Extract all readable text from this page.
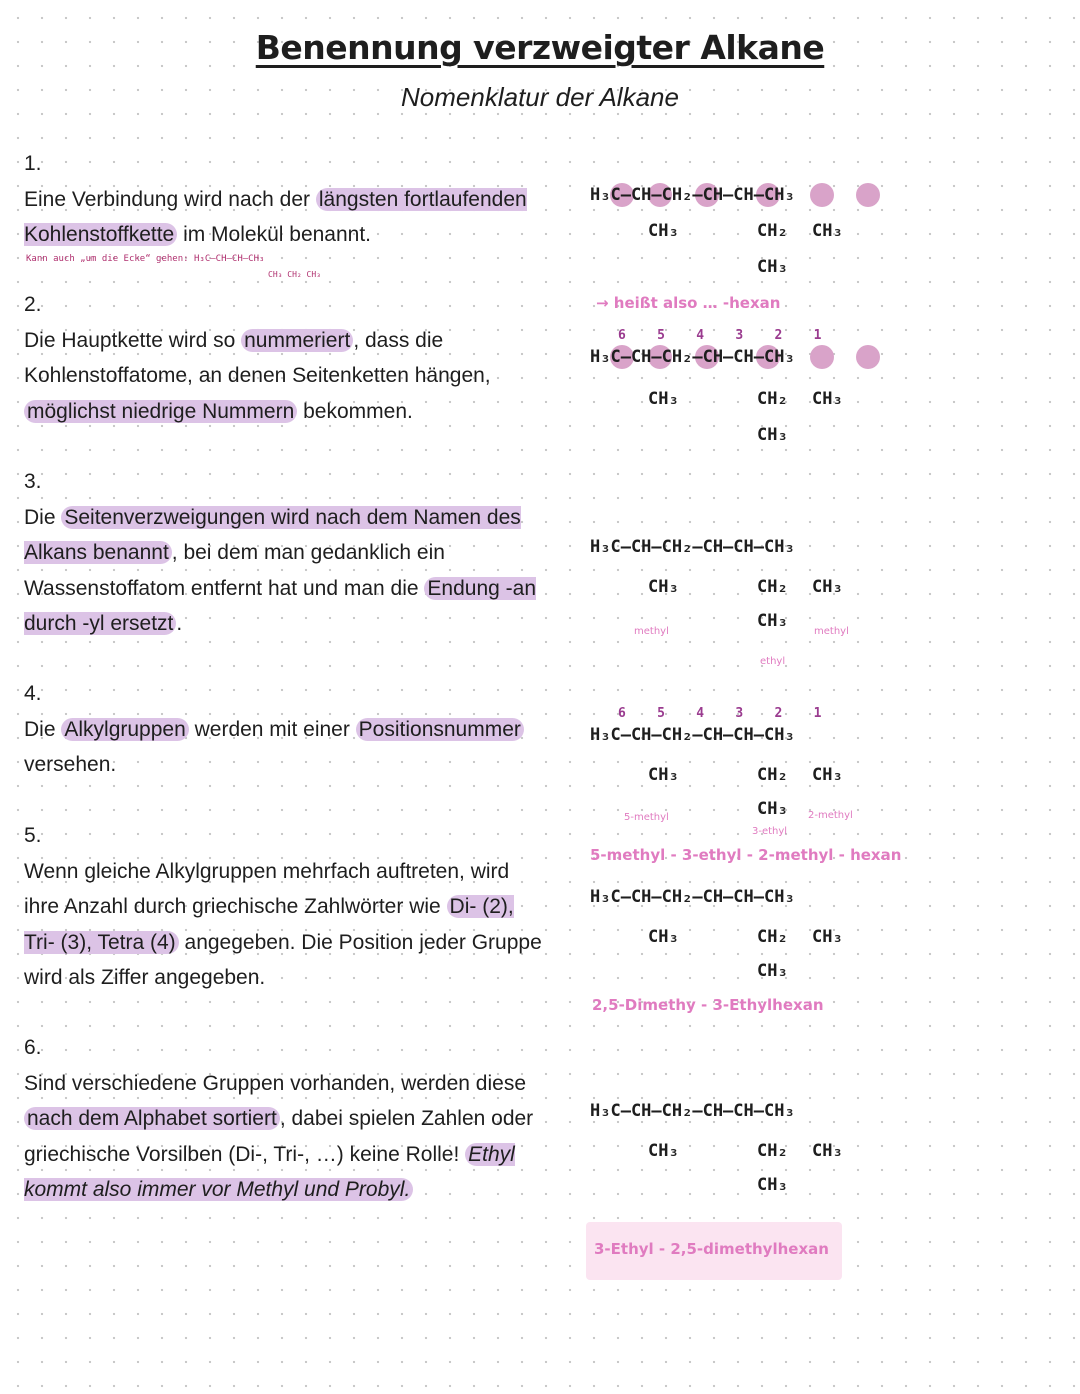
Benennung verzweigter Alkane
Nomenklatur der Alkane
1.
Eine Verbindung wird nach der längsten fortlaufenden Kohlenstoffkette im Molekül benannt.
2.
Die Hauptkette wird so nummeriert , dass die Kohlenstoffatome, an denen Seitenketten hängen, möglichst niedrige Nummern bekommen.
3.
Die Seitenverzweigungen wird nach dem Namen des Alkans benannt , bei dem man gedanklich ein Wassenstoffatom entfernt hat und man die Endung -an durch -yl ersetzt .
4.
Die Alkylgruppen werden mit einer Positionsnummer versehen.
5.
Wenn gleiche Alkylgruppen mehrfach auftreten, wird ihre Anzahl durch griechische Zahlwörter wie Di- (2), Tri- (3), Tetra (4) angegeben. Die Position jeder Gruppe wird als Ziffer angegeben.
6.
Sind verschiedene Gruppen vorhanden, werden diese nach dem Alphabet sortiert , dabei spielen Zahlen oder griechische Vorsilben (Di-, Tri-, …) keine Rolle! Ethyl kommt also immer vor Methyl und Probyl.
Kann auch „um die Ecke“ gehen: H₃C–CH–CH–CH₃
CH₃ CH₂ CH₃
H₃C–CH–CH₂–CH–CH–CH₃
CH₃	CH₂
CH₃
CH₃
→ heißt also … -hexan
6    5    4    3    2    1
H₃C–CH–CH₂–CH–CH–CH₃
CH₃	CH₂
CH₃
CH₃
H₃C–CH–CH₂–CH–CH–CH₃
CH₃	CH₂
CH₃
CH₃
methyl
ethyl
methyl
6    5    4    3    2    1
H₃C–CH–CH₂–CH–CH–CH₃
CH₃	CH₂
CH₃
CH₃
5-methyl
3-ethyl
2-methyl
5-methyl - 3-ethyl - 2-methyl - hexan
H₃C–CH–CH₂–CH–CH–CH₃
CH₃	CH₂
CH₃
CH₃
2,5-Dimethy - 3-Ethylhexan
H₃C–CH–CH₂–CH–CH–CH₃
CH₃	CH₂
CH₃
CH₃
3-Ethyl - 2,5-dimethylhexan
